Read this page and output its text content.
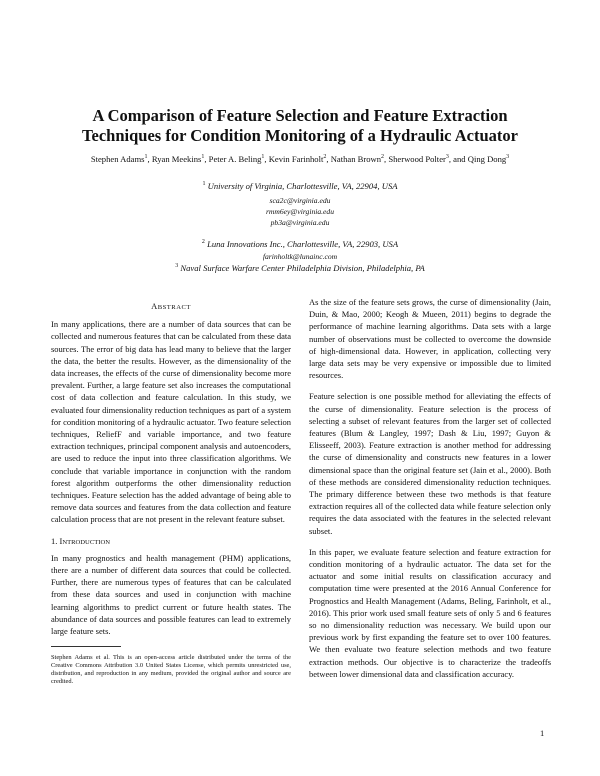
A Comparison of Feature Selection and Feature Extraction
Techniques for Condition Monitoring of a Hydraulic Actuator
Stephen Adams$^1$, Ryan Meekins$^1$, Peter A. Beling$^1$, Kevin Farinholt$^2$, Nathan Brown$^2$, Sherwood Polter$^3$, and Qing Dong$^3$
$^1$ University of Virginia, Charlottesville, VA, 22904, USA
sca2c@virginia.edu
rmm6ey@virginia.edu
pb3a@virginia.edu
$^2$ Luna Innovations Inc., Charlottesville, VA, 22903, USA
farinholtk@lunainc.com
$^3$ Naval Surface Warfare Center Philadelphia Division, Philadelphia, PA
ABSTRACT

In many applications, there are a number of data sources that can be collected and numerous features that can be calculated from these data sources. The error of big data has lead many to believe that the larger the data, the better the results. However, as the dimensionality of the data increases, the effects of the curse of dimensionality become more prevalent. Further, a large feature set also increases the computational cost of data collection and feature calculation. In this study, we evaluated four dimensionality reduction techniques as part of a system for condition monitoring of a hydraulic actuator. Two feature selection techniques, ReliefF and variable importance, and two feature extraction techniques, principal component analysis and autoencoders, are used to reduce the input into three classification algorithms. We conclude that variable importance in conjunction with the random forest algorithm outperforms the other dimensionality reduction techniques. Feature selection has the added advantage of being able to remove data sources and features from the data collection and feature calculation process that are not present in the relevant feature subset.

1. INTRODUCTION

In many prognostics and health management (PHM) applications, there are a number of different data sources that could be collected. Further, there are numerous types of features that can be calculated from these data sources and used in conjunction with machine learning algorithms to predict current or future health states. The abundance of data sources and possible features can lead to extremely large feature sets.

Stephen Adams et al. This is an open-access article distributed under the terms of the Creative Commons Attribution 3.0 United States License, which permits unrestricted use, distribution, and reproduction in any medium, provided the original author and source are credited.

As the size of the feature sets grows, the curse of dimensionality (Jain, Duin, & Mao, 2000; Keogh & Mueen, 2011) begins to degrade the performance of machine learning algorithms. Data sets with a large number of observations must be collected to overcome the downside of high-dimensional data. However, in application, collecting very large data sets may be very expensive or impossible due to limited resources.

Feature selection is one possible method for alleviating the effects of the curse of dimensionality. Feature selection is the process of selecting a subset of relevant features from the larger set of collected features (Blum & Langley, 1997; Dash & Liu, 1997; Guyon & Elisseeff, 2003). Feature extraction is another method for addressing the curse of dimensionality and constructs new features in a lower dimensional space than the original feature set (Jain et al., 2000). Both of these methods are considered dimensionality reduction techniques. The primary difference between these two methods is that feature extraction requires all of the collected data while feature selection only requires the data associated with the features in the selected relevant subset.

In this paper, we evaluate feature selection and feature extraction for condition monitoring of a hydraulic actuator. The data set for the actuator and some initial results on classification accuracy and computation time were presented at the 2016 Annual Conference for Prognostics and Health Management (Adams, Beling, Farinholt, et al., 2016). This prior work used small feature sets of only 5 and 6 features so no dimensionality reduction was necessary. We build upon our previous work by first expanding the feature set to over 100 features. We then evaluate two feature selection methods and two feature extraction methods. Our objective is to characterize the tradeoffs between lower dimensional data and classification accuracy.

1
